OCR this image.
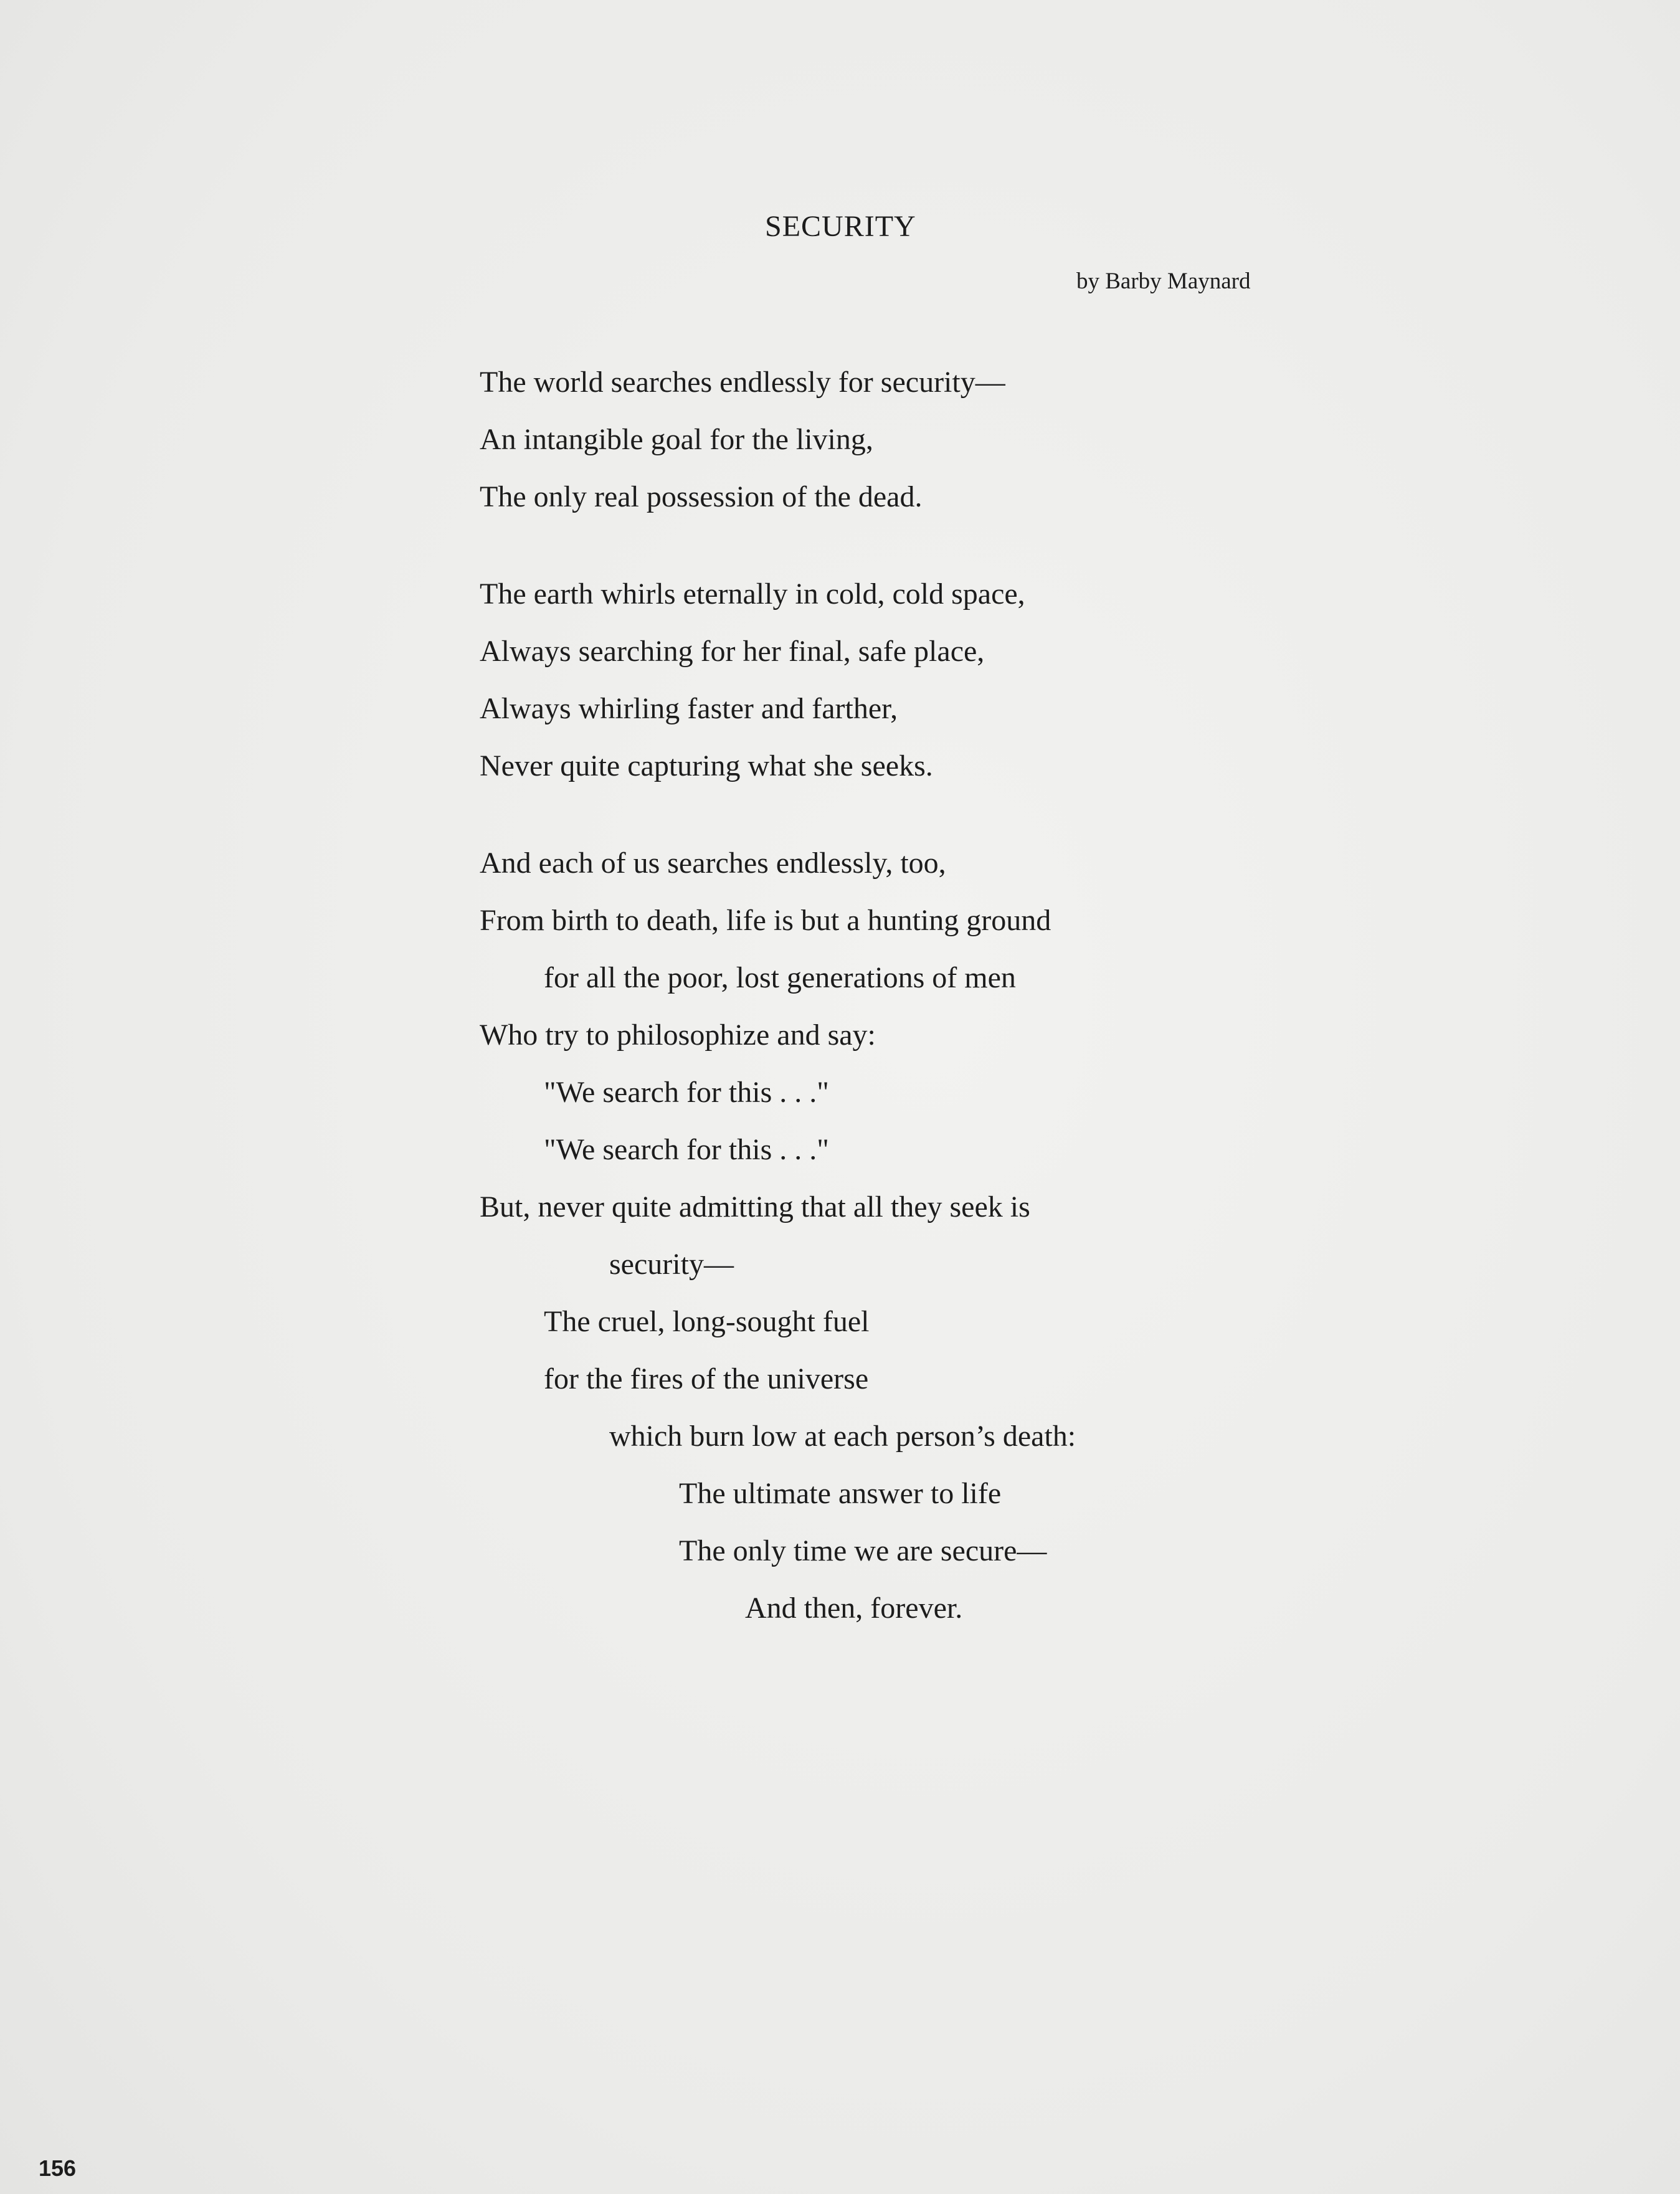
SECURITY
by Barby Maynard
The world searches endlessly for security—
An intangible goal for the living,
The only real possession of the dead.
The earth whirls eternally in cold, cold space,
Always searching for her final, safe place,
Always whirling faster and farther,
Never quite capturing what she seeks.
And each of us searches endlessly, too,
From birth to death, life is but a hunting ground
for all the poor, lost generations of men
Who try to philosophize and say:
"We search for this . . ."
"We search for this . . ."
But, never quite admitting that all they seek is
security—
The cruel, long-sought fuel
for the fires of the universe
which burn low at each person’s death:
The ultimate answer to life
The only time we are secure—
And then, forever.
156
